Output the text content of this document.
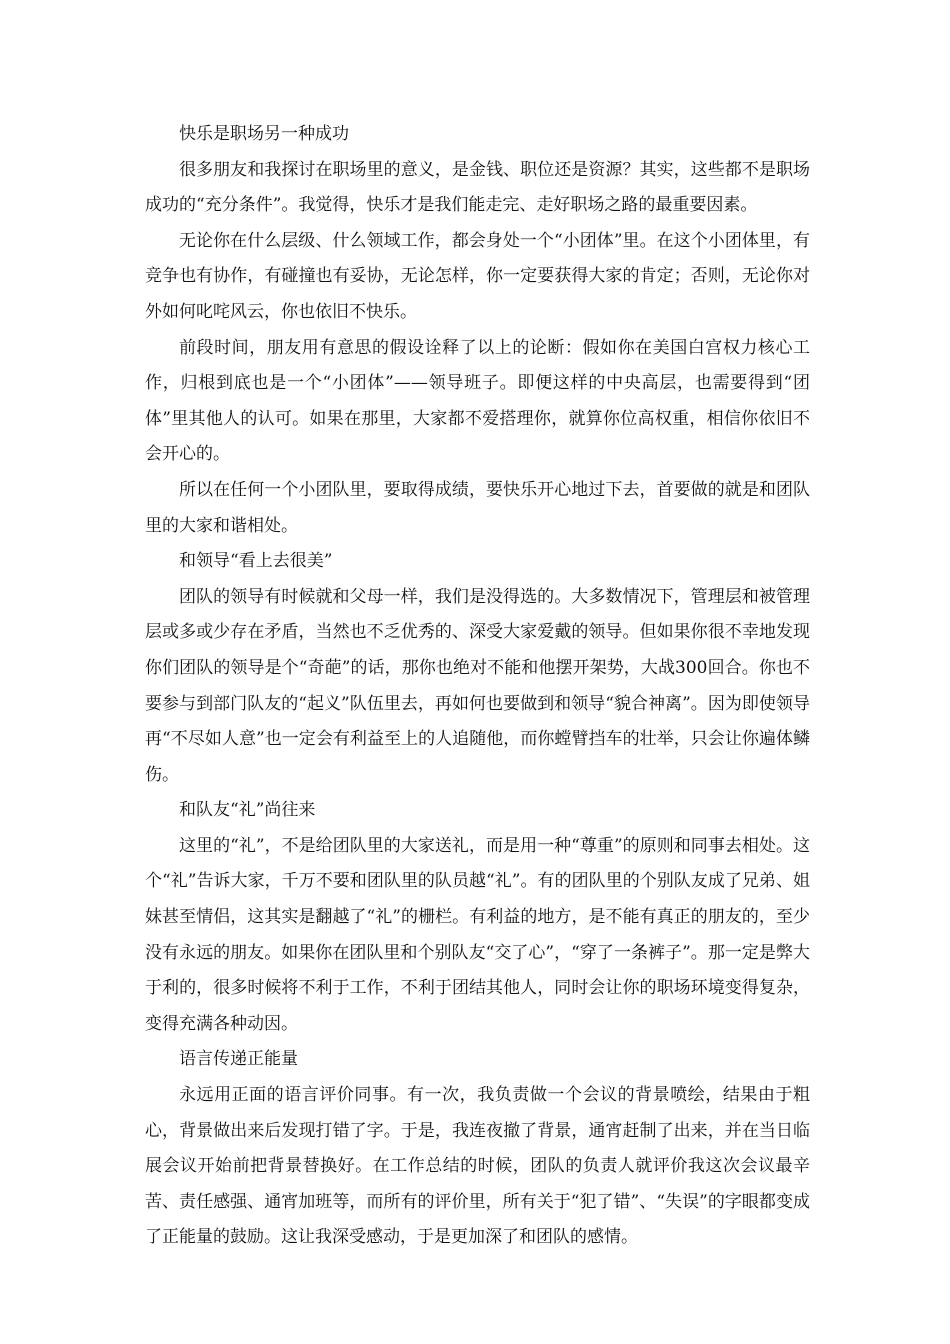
快乐是职场另一种成功

很多朋友和我探讨在职场里的意义，是金钱、职位还是资源？其实，这些都不是职场成功的“充分条件”。我觉得，快乐才是我们能走完、走好职场之路的最重要因素。

无论你在什么层级、什么领域工作，都会身处一个“小团体”里。在这个小团体里，有竞争也有协作，有碰撞也有妥协，无论怎样，你一定要获得大家的肯定；否则，无论你对外如何叱咤风云，你也依旧不快乐。

前段时间，朋友用有意思的假设诠释了以上的论断：假如你在美国白宫权力核心工作，归根到底也是一个“小团体”——领导班子。即便这样的中央高层，也需要得到“团体”里其他人的认可。如果在那里，大家都不爱搭理你，就算你位高权重，相信你依旧不会开心的。

所以在任何一个小团队里，要取得成绩，要快乐开心地过下去，首要做的就是和团队里的大家和谐相处。

和领导“看上去很美”

团队的领导有时候就和父母一样，我们是没得选的。大多数情况下，管理层和被管理层或多或少存在矛盾，当然也不乏优秀的、深受大家爱戴的领导。但如果你很不幸地发现你们团队的领导是个“奇葩”的话，那你也绝对不能和他摆开架势，大战300回合。你也不要参与到部门队友的“起义”队伍里去，再如何也要做到和领导“貌合神离”。因为即使领导再“不尽如人意”也一定会有利益至上的人追随他，而你螳臂挡车的壮举，只会让你遍体鳞伤。

和队友“礼”尚往来

这里的“礼”，不是给团队里的大家送礼，而是用一种“尊重”的原则和同事去相处。这个“礼”告诉大家，千万不要和团队里的队员越“礼”。有的团队里的个别队友成了兄弟、姐妹甚至情侣，这其实是翻越了“礼”的栅栏。有利益的地方，是不能有真正的朋友的，至少没有永远的朋友。如果你在团队里和个别队友“交了心”，“穿了一条裤子”。那一定是弊大于利的，很多时候将不利于工作，不利于团结其他人，同时会让你的职场环境变得复杂，变得充满各种动因。

语言传递正能量

永远用正面的语言评价同事。有一次，我负责做一个会议的背景喷绘，结果由于粗心，背景做出来后发现打错了字。于是，我连夜撤了背景，通宵赶制了出来，并在当日临展会议开始前把背景替换好。在工作总结的时候，团队的负责人就评价我这次会议最辛苦、责任感强、通宵加班等，而所有的评价里，所有关于“犯了错”、“失误”的字眼都变成了正能量的鼓励。这让我深受感动，于是更加深了和团队的感情。
